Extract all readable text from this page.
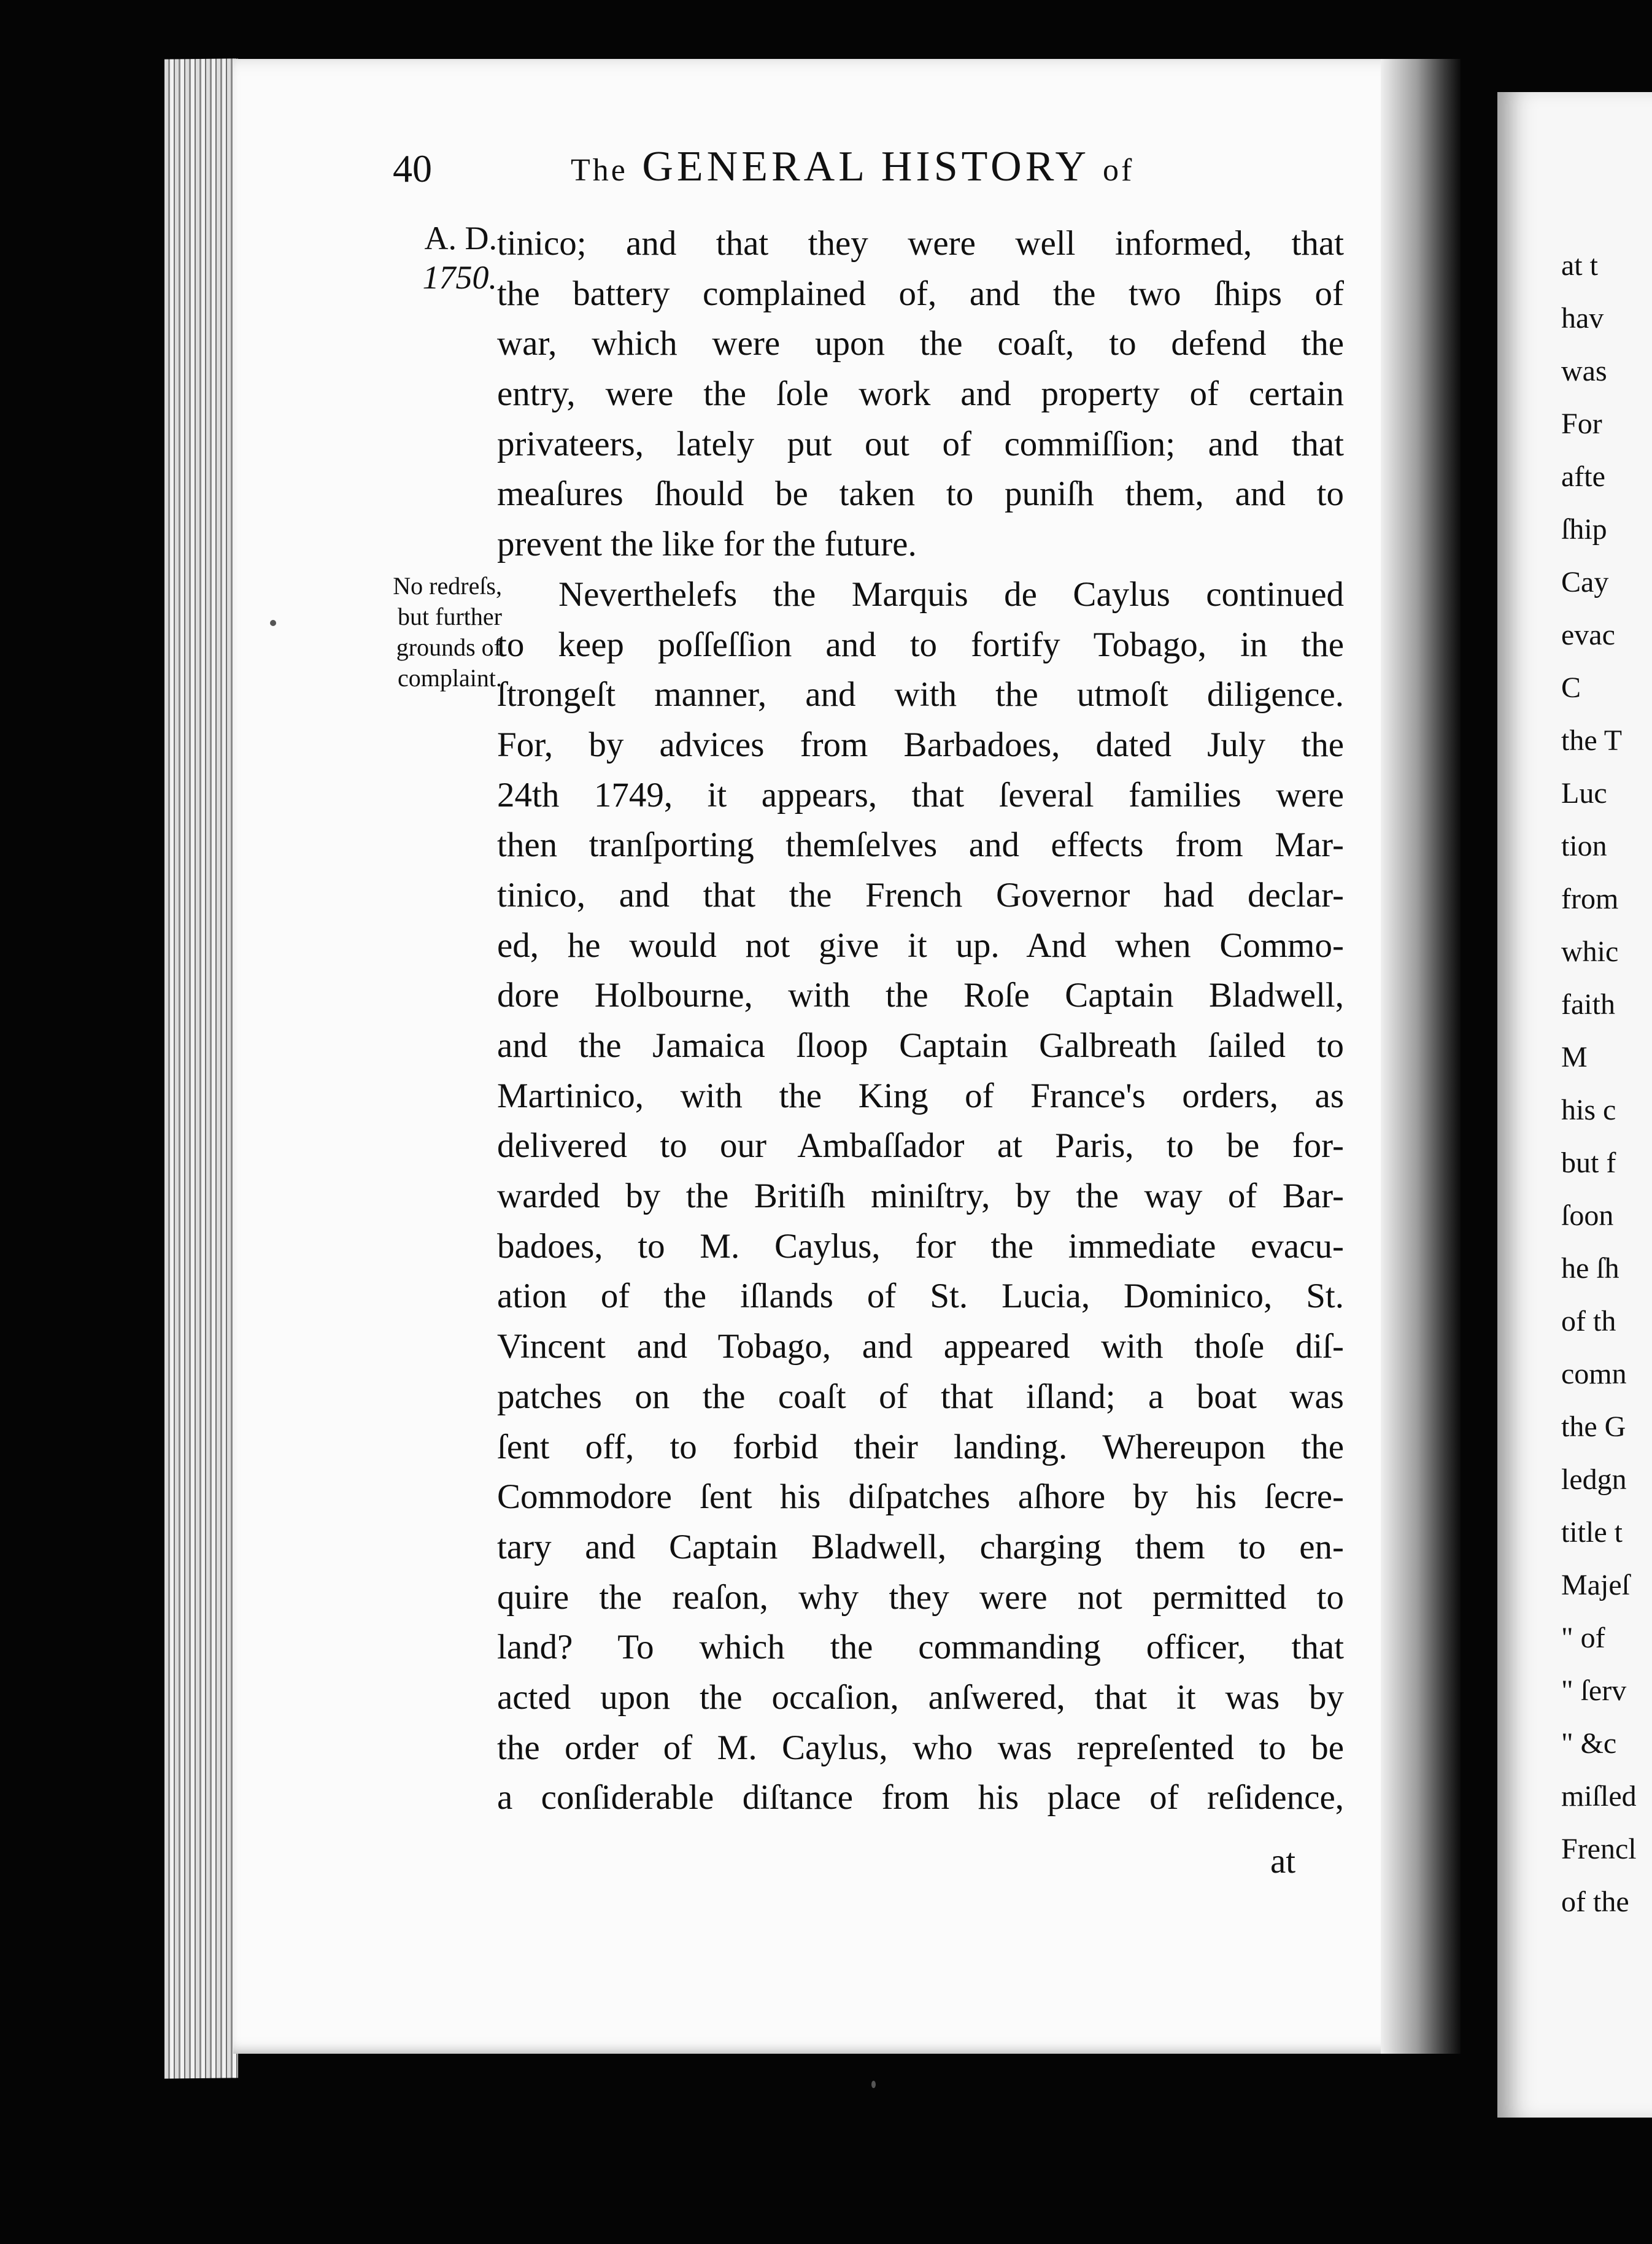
at t
hav
was
For
afte
ſhip
Cay
evac
C
the T
Luc
tion
from
whic
faith
M
his c
but f
ſoon
he ſh
of th
comn
the G
ledgn
title t
Majeſ
" of
" ſerv
" &c
miſled
Frencl
of the
40	The GENERAL HISTORY of
A. D.
1750.
No redreſs,
but further
grounds of
complaint.
tinico; and that they were well informed, that
the battery complained of, and the two ſhips of
war, which were upon the coaſt, to defend the
entry, were the ſole work and property of certain
privateers, lately put out of commiſſion; and that
meaſures ſhould be taken to puniſh them, and to
prevent the like for the future.
Neverthelefs the Marquis de Caylus continued
to keep poſſeſſion and to fortify Tobago, in the
ſtrongeſt manner, and with the utmoſt diligence.
For, by advices from Barbadoes, dated July the
24th 1749, it appears, that ſeveral families were
then tranſporting themſelves and effects from Mar-
tinico, and that the French Governor had declar-
ed, he would not give it up. And when Commo-
dore Holbourne, with the Roſe Captain Bladwell,
and the Jamaica ſloop Captain Galbreath ſailed to
Martinico, with the King of France's orders, as
delivered to our Ambaſſador at Paris, to be for-
warded by the Britiſh miniſtry, by the way of Bar-
badoes, to M. Caylus, for the immediate evacu-
ation of the iſlands of St. Lucia, Dominico, St.
Vincent and Tobago, and appeared with thoſe diſ-
patches on the coaſt of that iſland; a boat was
ſent off, to forbid their landing. Whereupon the
Commodore ſent his diſpatches aſhore by his ſecre-
tary and Captain Bladwell, charging them to en-
quire the reaſon, why they were not permitted to
land? To which the commanding officer, that
acted upon the occaſion, anſwered, that it was by
the order of M. Caylus, who was repreſented to be
a conſiderable diſtance from his place of reſidence,
at
